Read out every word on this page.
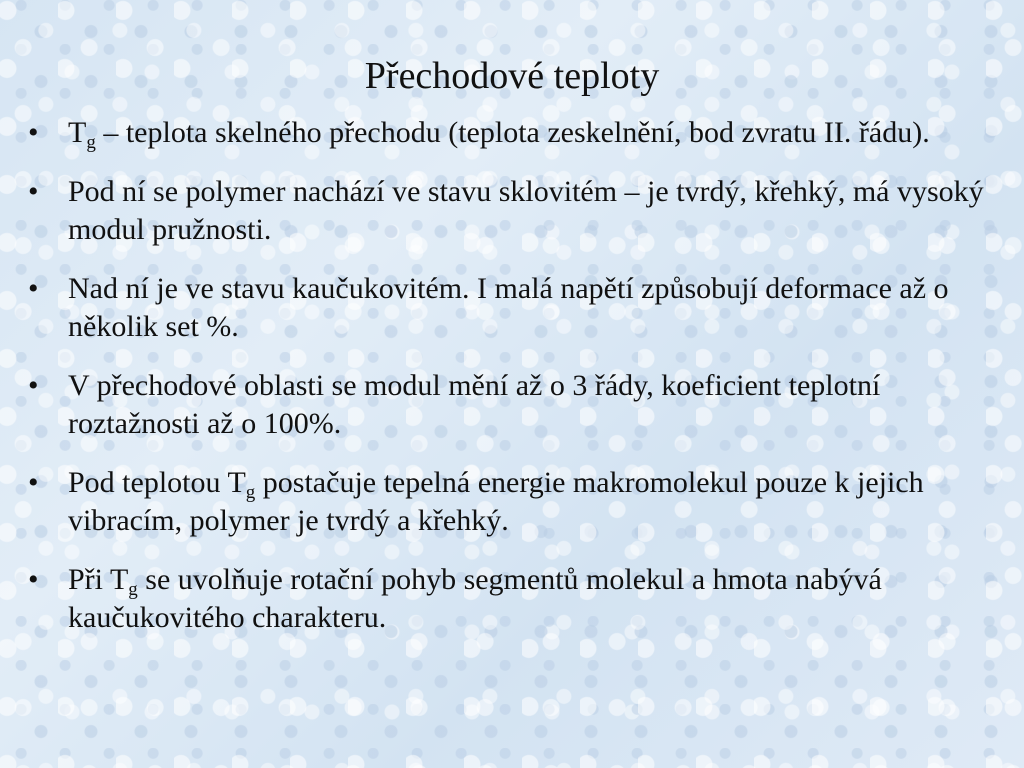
Přechodové teploty
• $T_g$ – teplota skelného přechodu (teplota zeskelnění, bod zvratu II. řádu).
• Pod ní se polymer nachází ve stavu sklovitém – je tvrdý, křehký, má vysoký modul pružnosti.
• Nad ní je ve stavu kaučukovitém. I malá napětí způsobují deformace až o několik set %.
• V přechodové oblasti se modul mění až o 3 řády, koeficient teplotní roztažnosti až o 100%.
• Pod teplotou $T_g$ postačuje tepelná energie makromolekul pouze k jejich vibracím, polymer je tvrdý a křehký.
• Při $T_g$ se uvolňuje rotační pohyb segmentů molekul a hmota nabývá kaučukovitého charakteru.
